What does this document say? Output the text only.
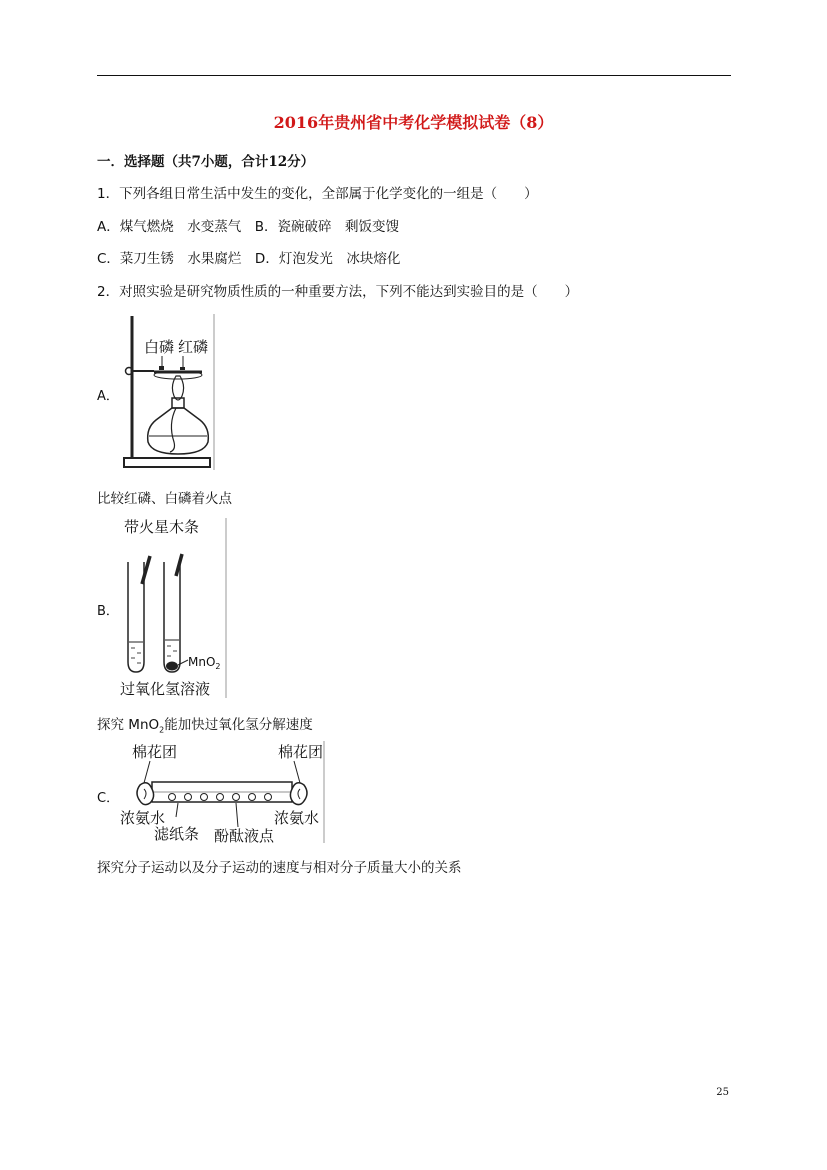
2016年贵州省中考化学模拟试卷（8）
一．选择题（共7小题，合计12分）
1．下列各组日常生活中发生的变化，全部属于化学变化的一组是（　　）
A．煤气燃烧　水变蒸气　B．瓷碗破碎　剩饭变馊
C．菜刀生锈　水果腐烂　D．灯泡发光　冰块熔化
2．对照实验是研究物质性质的一种重要方法，下列不能达到实验目的是（　　）
A．
白磷 红磷
比较红磷、白磷着火点
B．
带火星木条
MnO$_2$
过氧化氢溶液
探究 MnO$_2$能加快过氧化氢分解速度
C．
棉花团	棉花团
浓氨水	浓氨水
滤纸条 酚酞液点
探究分子运动以及分子运动的速度与相对分子质量大小的关系
25
